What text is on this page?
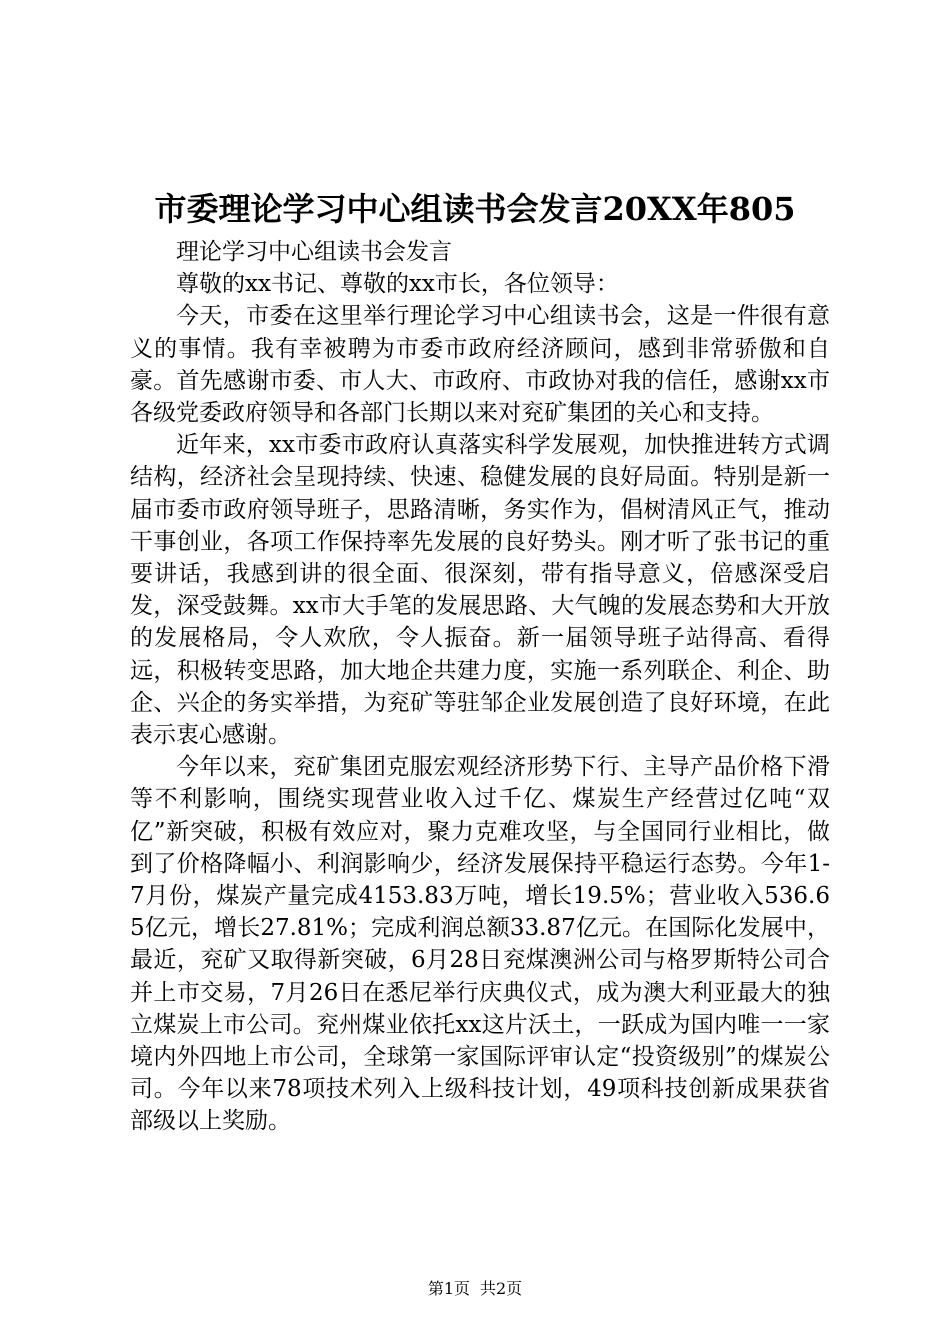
市委理论学习中心组读书会发言20XX年805

理论学习中心组读书会发言

尊敬的xx书记、尊敬的xx市长，各位领导：

今天，市委在这里举行理论学习中心组读书会，这是一件很有意义的事情。我有幸被聘为市委市政府经济顾问，感到非常骄傲和自豪。首先感谢市委、市人大、市政府、市政协对我的信任，感谢xx市各级党委政府领导和各部门长期以来对兖矿集团的关心和支持。

近年来，xx市委市政府认真落实科学发展观，加快推进转方式调结构，经济社会呈现持续、快速、稳健发展的良好局面。特别是新一届市委市政府领导班子，思路清晰，务实作为，倡树清风正气，推动干事创业，各项工作保持率先发展的良好势头。刚才听了张书记的重要讲话，我感到讲的很全面、很深刻，带有指导意义，倍感深受启发，深受鼓舞。xx市大手笔的发展思路、大气魄的发展态势和大开放的发展格局，令人欢欣，令人振奋。新一届领导班子站得高、看得远，积极转变思路，加大地企共建力度，实施一系列联企、利企、助企、兴企的务实举措，为兖矿等驻邹企业发展创造了良好环境，在此表示衷心感谢。

今年以来，兖矿集团克服宏观经济形势下行、主导产品价格下滑等不利影响，围绕实现营业收入过千亿、煤炭生产经营过亿吨“双亿”新突破，积极有效应对，聚力克难攻坚，与全国同行业相比，做到了价格降幅小、利润影响少，经济发展保持平稳运行态势。今年1-7月份，煤炭产量完成4153.83万吨，增长19.5%；营业收入536.65亿元，增长27.81%；完成利润总额33.87亿元。在国际化发展中，最近，兖矿又取得新突破，6月28日兖煤澳洲公司与格罗斯特公司合并上市交易，7月26日在悉尼举行庆典仪式，成为澳大利亚最大的独立煤炭上市公司。兖州煤业依托xx这片沃土，一跃成为国内唯一一家境内外四地上市公司，全球第一家国际评审认定“投资级别”的煤炭公司。今年以来78项技术列入上级科技计划，49项科技创新成果获省部级以上奖励。

第1页 共2页
